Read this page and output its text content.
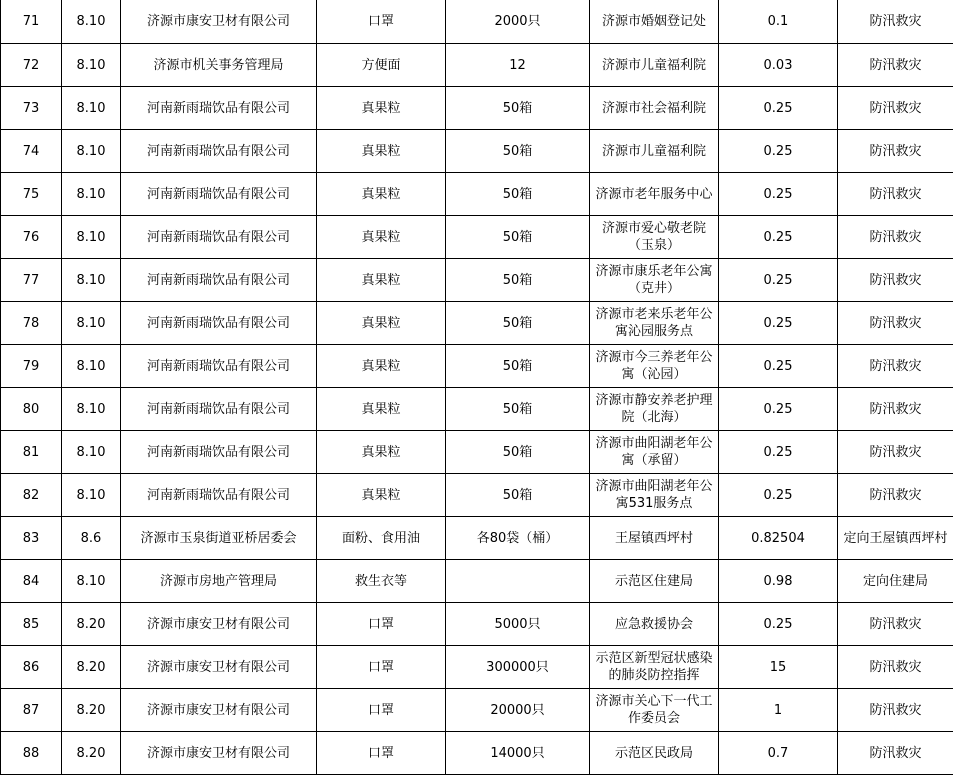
71	8.10	济源市康安卫材有限公司	口罩	2000只	济源市婚姻登记处	0.1	防汛救灾
72	8.10	济源市机关事务管理局	方便面	12	济源市儿童福利院	0.03	防汛救灾
73	8.10	河南新雨瑞饮品有限公司	真果粒	50箱	济源市社会福利院	0.25	防汛救灾
74	8.10	河南新雨瑞饮品有限公司	真果粒	50箱	济源市儿童福利院	0.25	防汛救灾
75	8.10	河南新雨瑞饮品有限公司	真果粒	50箱	济源市老年服务中心	0.25	防汛救灾
76	8.10	河南新雨瑞饮品有限公司	真果粒	50箱	济源市爱心敬老院（玉泉）	0.25	防汛救灾
77	8.10	河南新雨瑞饮品有限公司	真果粒	50箱	济源市康乐老年公寓（克井）	0.25	防汛救灾
78	8.10	河南新雨瑞饮品有限公司	真果粒	50箱	济源市老来乐老年公寓沁园服务点	0.25	防汛救灾
79	8.10	河南新雨瑞饮品有限公司	真果粒	50箱	济源市今三养老年公寓（沁园）	0.25	防汛救灾
80	8.10	河南新雨瑞饮品有限公司	真果粒	50箱	济源市静安养老护理院（北海）	0.25	防汛救灾
81	8.10	河南新雨瑞饮品有限公司	真果粒	50箱	济源市曲阳湖老年公寓（承留）	0.25	防汛救灾
82	8.10	河南新雨瑞饮品有限公司	真果粒	50箱	济源市曲阳湖老年公寓531服务点	0.25	防汛救灾
83	8.6	济源市玉泉街道亚桥居委会	面粉、食用油	各80袋（桶）	王屋镇西坪村	0.82504	定向王屋镇西坪村
84	8.10	济源市房地产管理局	救生衣等		示范区住建局	0.98	定向住建局
85	8.20	济源市康安卫材有限公司	口罩	5000只	应急救援协会	0.25	防汛救灾
86	8.20	济源市康安卫材有限公司	口罩	300000只	示范区新型冠状感染的肺炎防控指挥	15	防汛救灾
87	8.20	济源市康安卫材有限公司	口罩	20000只	济源市关心下一代工作委员会	1	防汛救灾
88	8.20	济源市康安卫材有限公司	口罩	14000只	示范区民政局	0.7	防汛救灾
